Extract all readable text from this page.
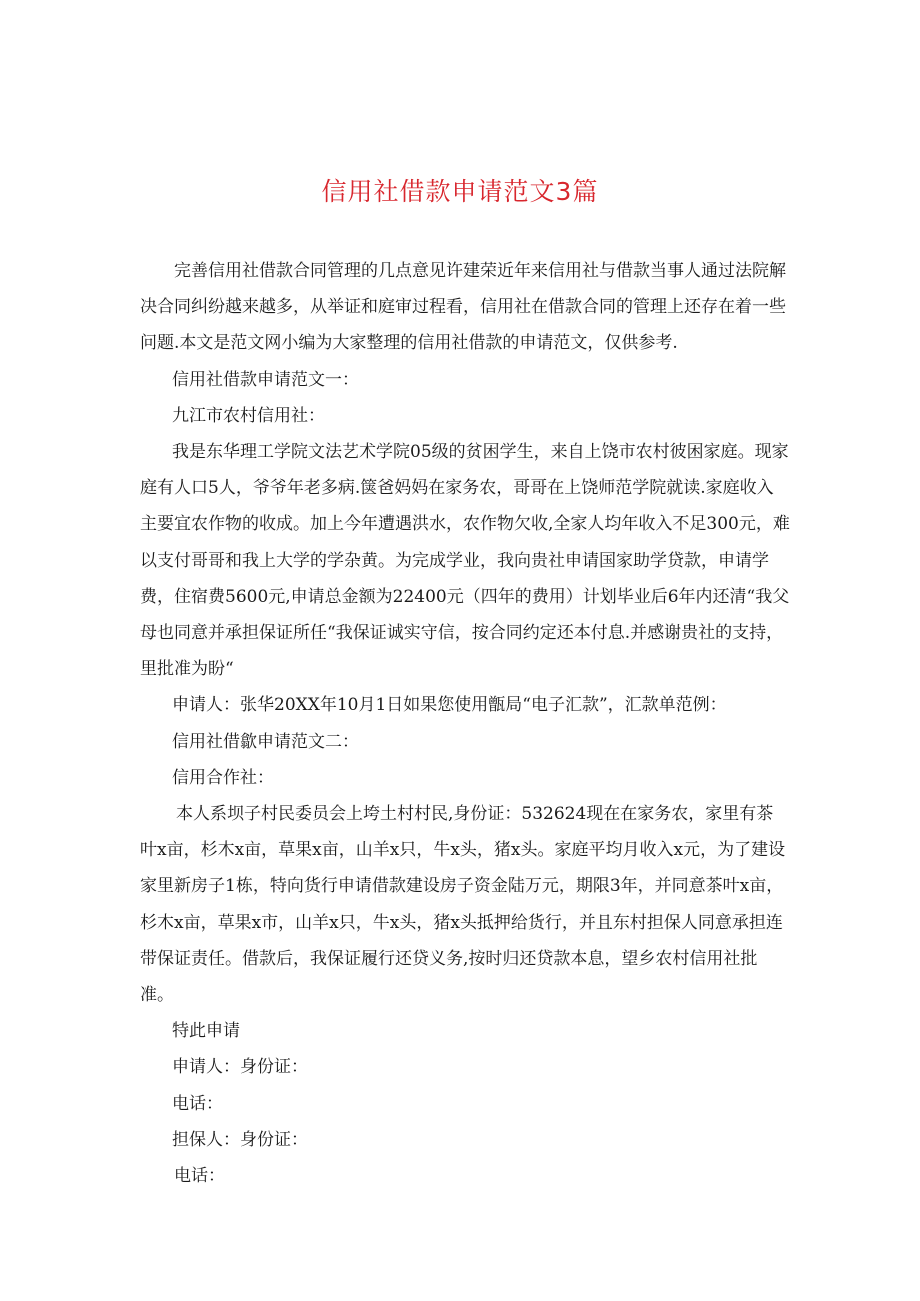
信用社借款申请范文3篇

完善信用社借款合同管理的几点意见许建荣近年来信用社与借款当事人通过法院解决合同纠纷越来越多，从举证和庭审过程看，信用社在借款合同的管理上还存在着一些问题.本文是范文网小编为大家整理的信用社借款的申请范文，仅供参考.

信用社借款申请范文一：

九江市农村信用社：

我是东华理工学院文法艺术学院05级的贫困学生，来自上饶市农村彼困家庭。现家庭有人口5人，爷爷年老多病.箧爸妈妈在家务农，哥哥在上饶师范学院就读.家庭收入主要宜农作物的收成。加上今年遭遇洪水，农作物欠收,全家人均年收入不足300元，难以支付哥哥和我上大学的学杂黄。为完成学业，我向贵社申请国家助学贷款，申请学费，住宿费5600元,申请总金额为22400元（四年的费用）计划毕业后6年内还清“我父母也同意并承担保证所任“我保证诚实守信，按合同约定还本付息.并感谢贵社的支持，里批准为盼“

申请人：张华20XX年10月1日如果您使用甑局“电子汇款”，汇款单范例：

信用社借歙申请范文二：

信用合作社：

本人系坝子村民委员会上垮土村村民,身份证：532624现在在家务农，家里有茶叶x亩，杉木x亩，草果x亩，山羊x只，牛x头，猪x头。家庭平均月收入x元，为了建设家里新房子1栋，特向货行申请借款建设房子资金陆万元，期限3年，并同意茶叶x亩，杉木x亩，草果x市，山羊x只，牛x头，猪x头抵押给货行，并且东村担保人同意承担连带保证责任。借款后，我保证履行还贷义务,按时归还贷款本息，望乡农村信用社批准。

特此申请

申请人：身份证：

电话：

担保人：身份证：

电话：
